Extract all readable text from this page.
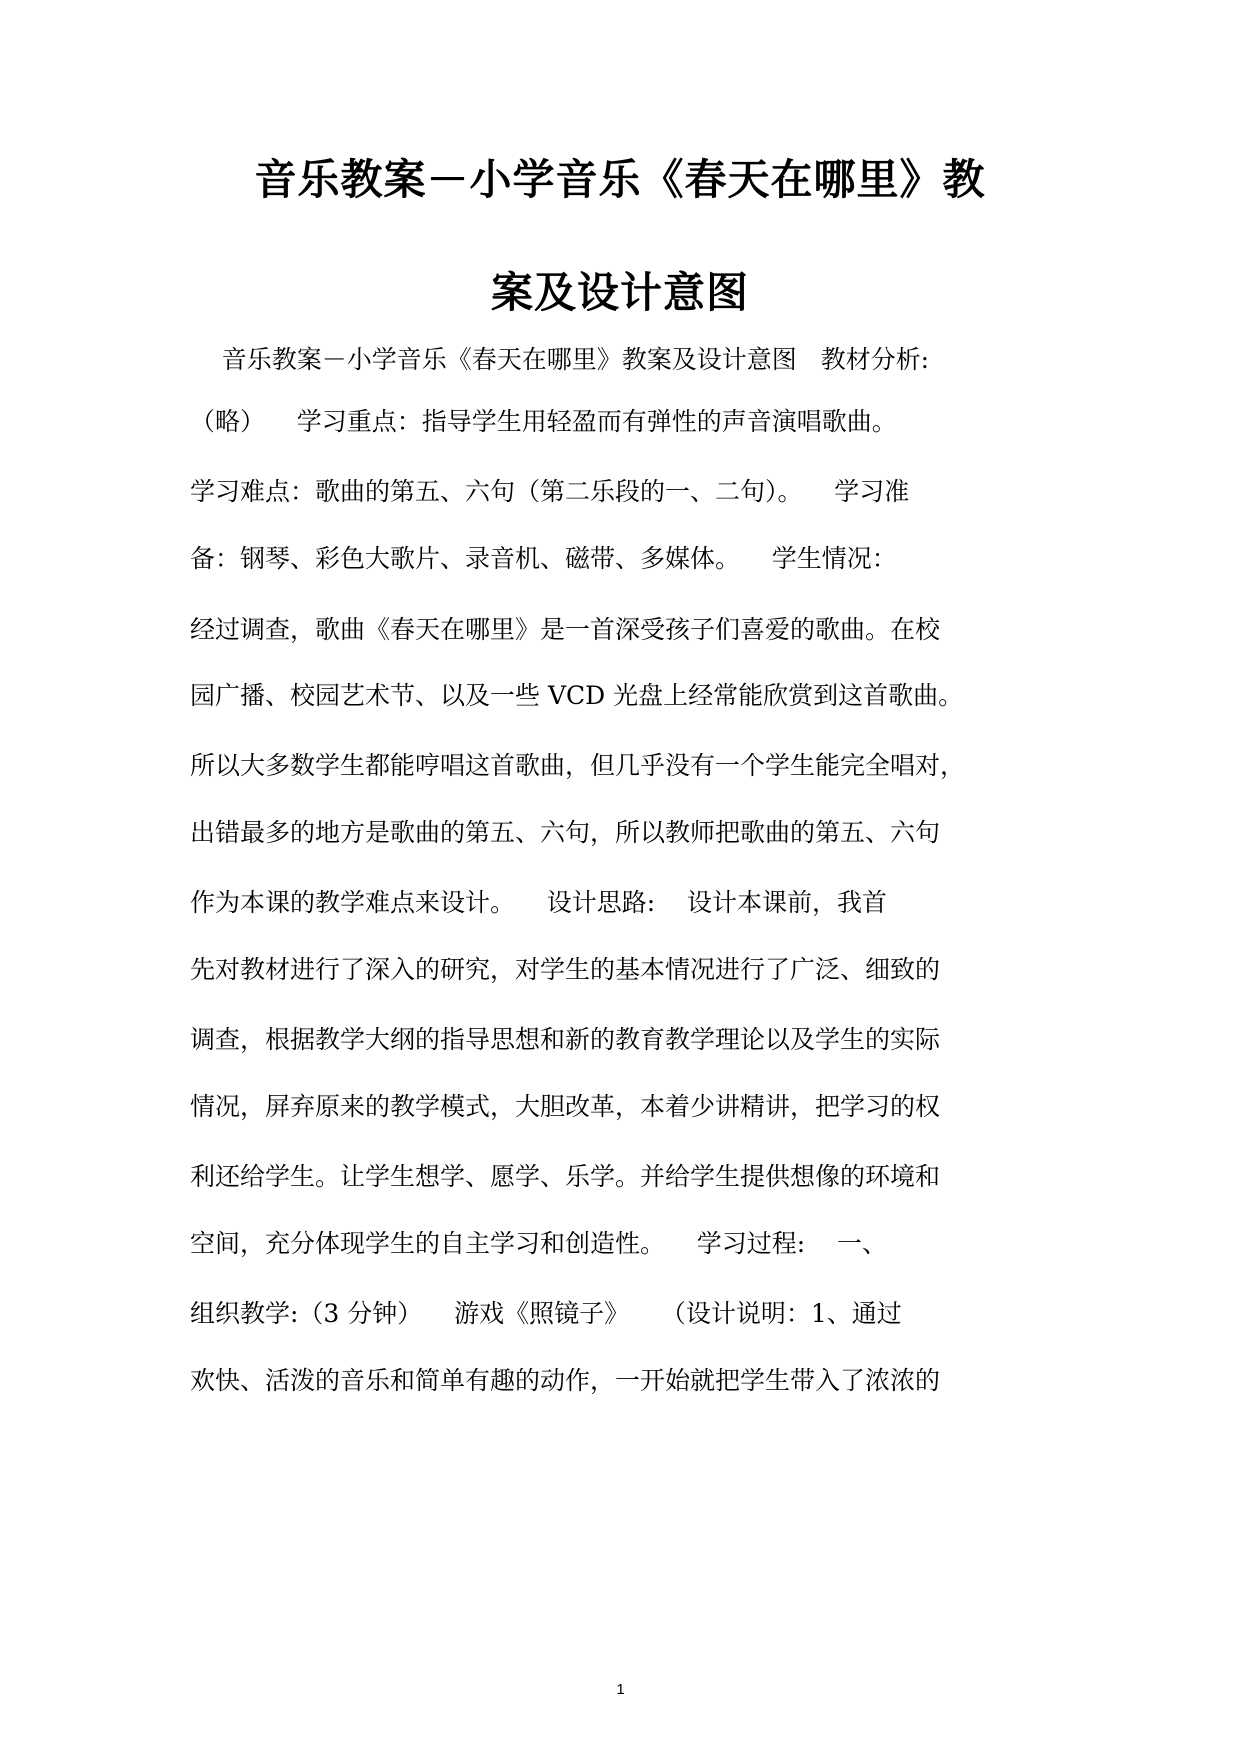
音乐教案－小学音乐《春天在哪里》教
案及设计意图

音乐教案－小学音乐《春天在哪里》教案及设计意图   教材分析:

（略）    学习重点：指导学生用轻盈而有弹性的声音演唱歌曲。

学习难点：歌曲的第五、六句（第二乐段的一、二句）。    学习准

备：钢琴、彩色大歌片、录音机、磁带、多媒体。    学生情况：

经过调查，歌曲《春天在哪里》是一首深受孩子们喜爱的歌曲。在校

园广播、校园艺术节、以及一些 VCD 光盘上经常能欣赏到这首歌曲。

所以大多数学生都能哼唱这首歌曲，但几乎没有一个学生能完全唱对，

出错最多的地方是歌曲的第五、六句，所以教师把歌曲的第五、六句

作为本课的教学难点来设计。    设计思路:    设计本课前，我首

先对教材进行了深入的研究，对学生的基本情况进行了广泛、细致的

调查，根据教学大纲的指导思想和新的教育教学理论以及学生的实际

情况，屏弃原来的教学模式，大胆改革，本着少讲精讲，把学习的权

利还给学生。让学生想学、愿学、乐学。并给学生提供想像的环境和

空间，充分体现学生的自主学习和创造性。    学习过程:    一、

组织教学:（3 分钟）    游戏《照镜子》    （设计说明：1、通过

欢快、活泼的音乐和简单有趣的动作，一开始就把学生带入了浓浓的

1
